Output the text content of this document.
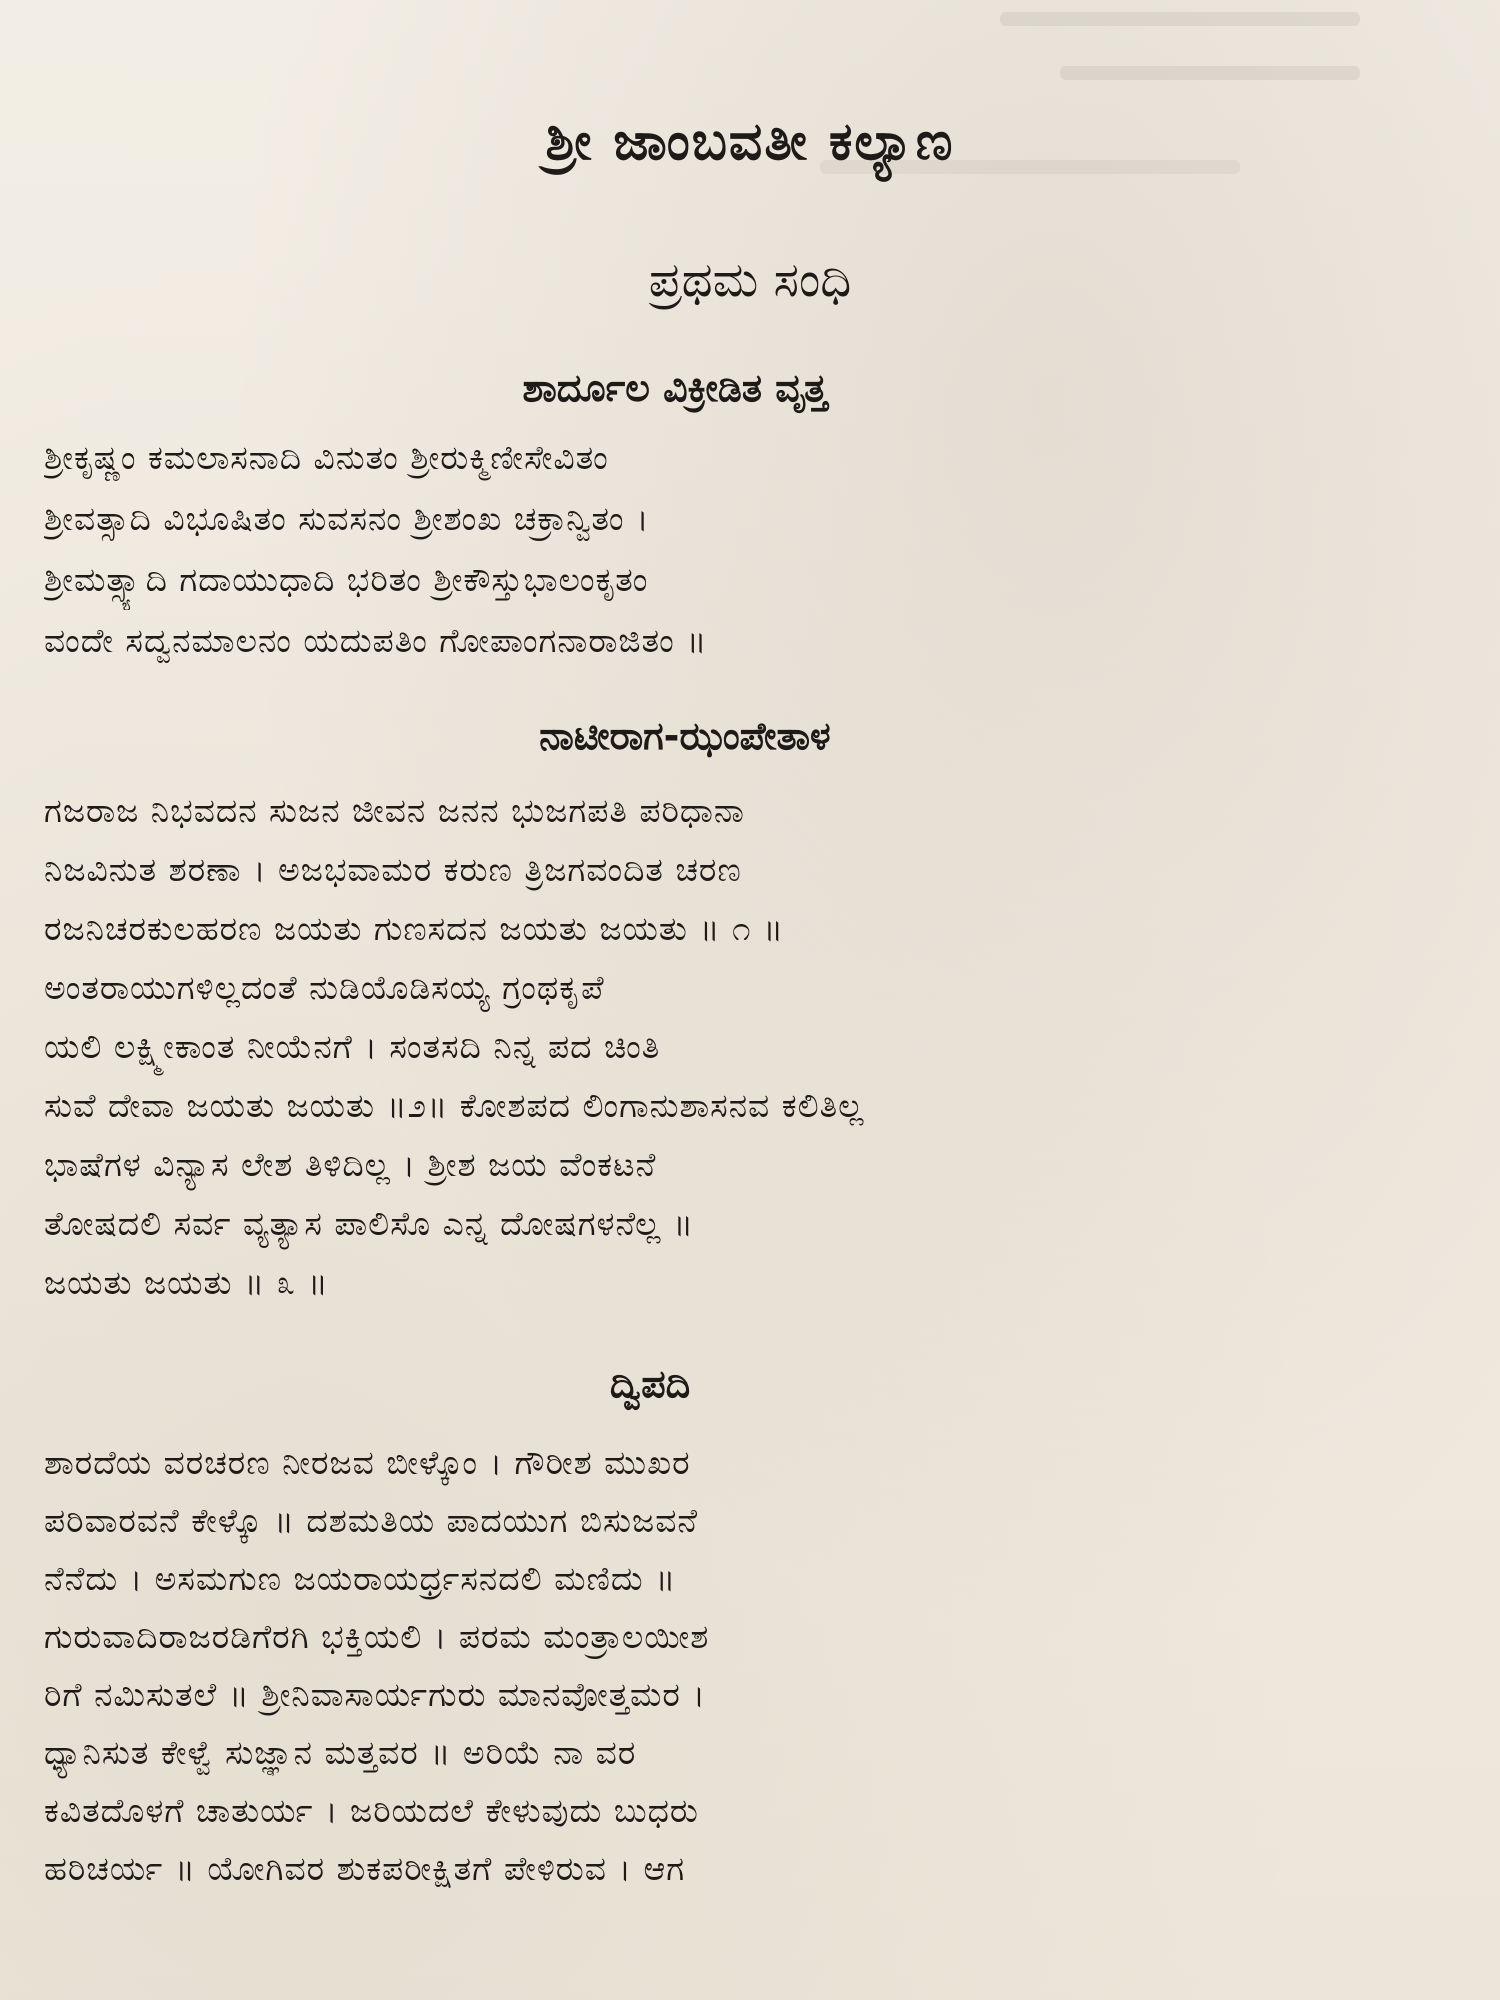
ಶ್ರೀ ಜಾಂಬವತೀ ಕಲ್ಯಾಣ
ಪ್ರಥಮ ಸಂಧಿ
ಶಾರ್ದೂಲ ವಿಕ್ರೀಡಿತ ವೃತ್ತ
ಶ್ರೀಕೃಷ್ಣಂ ಕಮಲಾಸನಾದಿ ವಿನುತಂ ಶ್ರೀರುಕ್ಮಿಣೀಸೇವಿತಂ
ಶ್ರೀವತ್ಸಾದಿ ವಿಭೂಷಿತಂ ಸುವಸನಂ ಶ್ರೀಶಂಖ ಚಕ್ರಾನ್ವಿತಂ ।
ಶ್ರೀಮತ್ಸ್ಯಾದಿ ಗದಾಯುಧಾದಿ ಭರಿತಂ ಶ್ರೀಕೌಸ್ತುಭಾಲಂಕೃತಂ
ವಂದೇ ಸದ್ವನಮಾಲನಂ ಯದುಪತಿಂ ಗೋಪಾಂಗನಾರಾಜಿತಂ ॥
ನಾಟೀರಾಗ-ಝಂಪೇತಾಳ
ಗಜರಾಜ ನಿಭವದನ ಸುಜನ ಜೀವನ ಜನನ ಭುಜಗಪತಿ ಪರಿಧಾನಾ
ನಿಜವಿನುತ ಶರಣಾ । ಅಜಭವಾಮರ ಕರುಣ ತ್ರಿಜಗವಂದಿತ ಚರಣ
ರಜನಿಚರಕುಲಹರಣ ಜಯತು ಗುಣಸದನ ಜಯತು ಜಯತು ॥ ೧ ॥
ಅಂತರಾಯುಗಳಿಲ್ಲದಂತೆ ನುಡಿಯೊಡಿಸಯ್ಯ ಗ್ರಂಥಕೃಪೆ
ಯಲಿ ಲಕ್ಷ್ಮೀಕಾಂತ ನೀಯೆನಗೆ । ಸಂತಸದಿ ನಿನ್ನ ಪದ ಚಿಂತಿ
ಸುವೆ ದೇವಾ ಜಯತು ಜಯತು ॥೨॥ ಕೋಶಪದ ಲಿಂಗಾನುಶಾಸನವ ಕಲಿತಿಲ್ಲ
ಭಾಷೆಗಳ ವಿನ್ಯಾಸ ಲೇಶ ತಿಳಿದಿಲ್ಲ । ಶ್ರೀಶ ಜಯ ವೆಂಕಟನೆ
ತೋಷದಲಿ ಸರ್ವ ವ್ಯತ್ಯಾಸ ಪಾಲಿಸೊ ಎನ್ನ ದೋಷಗಳನೆಲ್ಲ ॥
ಜಯತು ಜಯತು ॥ ೩ ॥
ದ್ವಿಪದಿ
ಶಾರದೆಯ ವರಚರಣ ನೀರಜವ ಬೀಳ್ಕೊಂ । ಗೌರೀಶ ಮುಖರ
ಪರಿವಾರವನೆ ಕೇಳ್ಕೊ ॥ ದಶಮತಿಯ ಪಾದಯುಗ ಬಿಸುಜವನೆ
ನೆನೆದು । ಅಸಮಗುಣ ಜಯರಾಯರ್ಧ್ರಸನದಲಿ ಮಣಿದು ॥
ಗುರುವಾದಿರಾಜರಡಿಗೆರಗಿ ಭಕ್ತಿಯಲಿ । ಪರಮ ಮಂತ್ರಾಲಯೀಶ
ರಿಗೆ ನಮಿಸುತಲೆ ॥ ಶ್ರೀನಿವಾಸಾರ್ಯಗುರು ಮಾನವೋತ್ತಮರ ।
ಧ್ಯಾನಿಸುತ ಕೇಳ್ವೆ ಸುಜ್ಞಾನ ಮತ್ತವರ ॥ ಅರಿಯೆ ನಾ ವರ
ಕವಿತದೊಳಗೆ ಚಾತುರ್ಯ । ಜರಿಯದಲೆ ಕೇಳುವುದು ಬುಧರು
ಹರಿಚರ್ಯ ॥ ಯೋಗಿವರ ಶುಕಪರೀಕ್ಷಿತಗೆ ಪೇಳಿರುವ । ಆಗ
